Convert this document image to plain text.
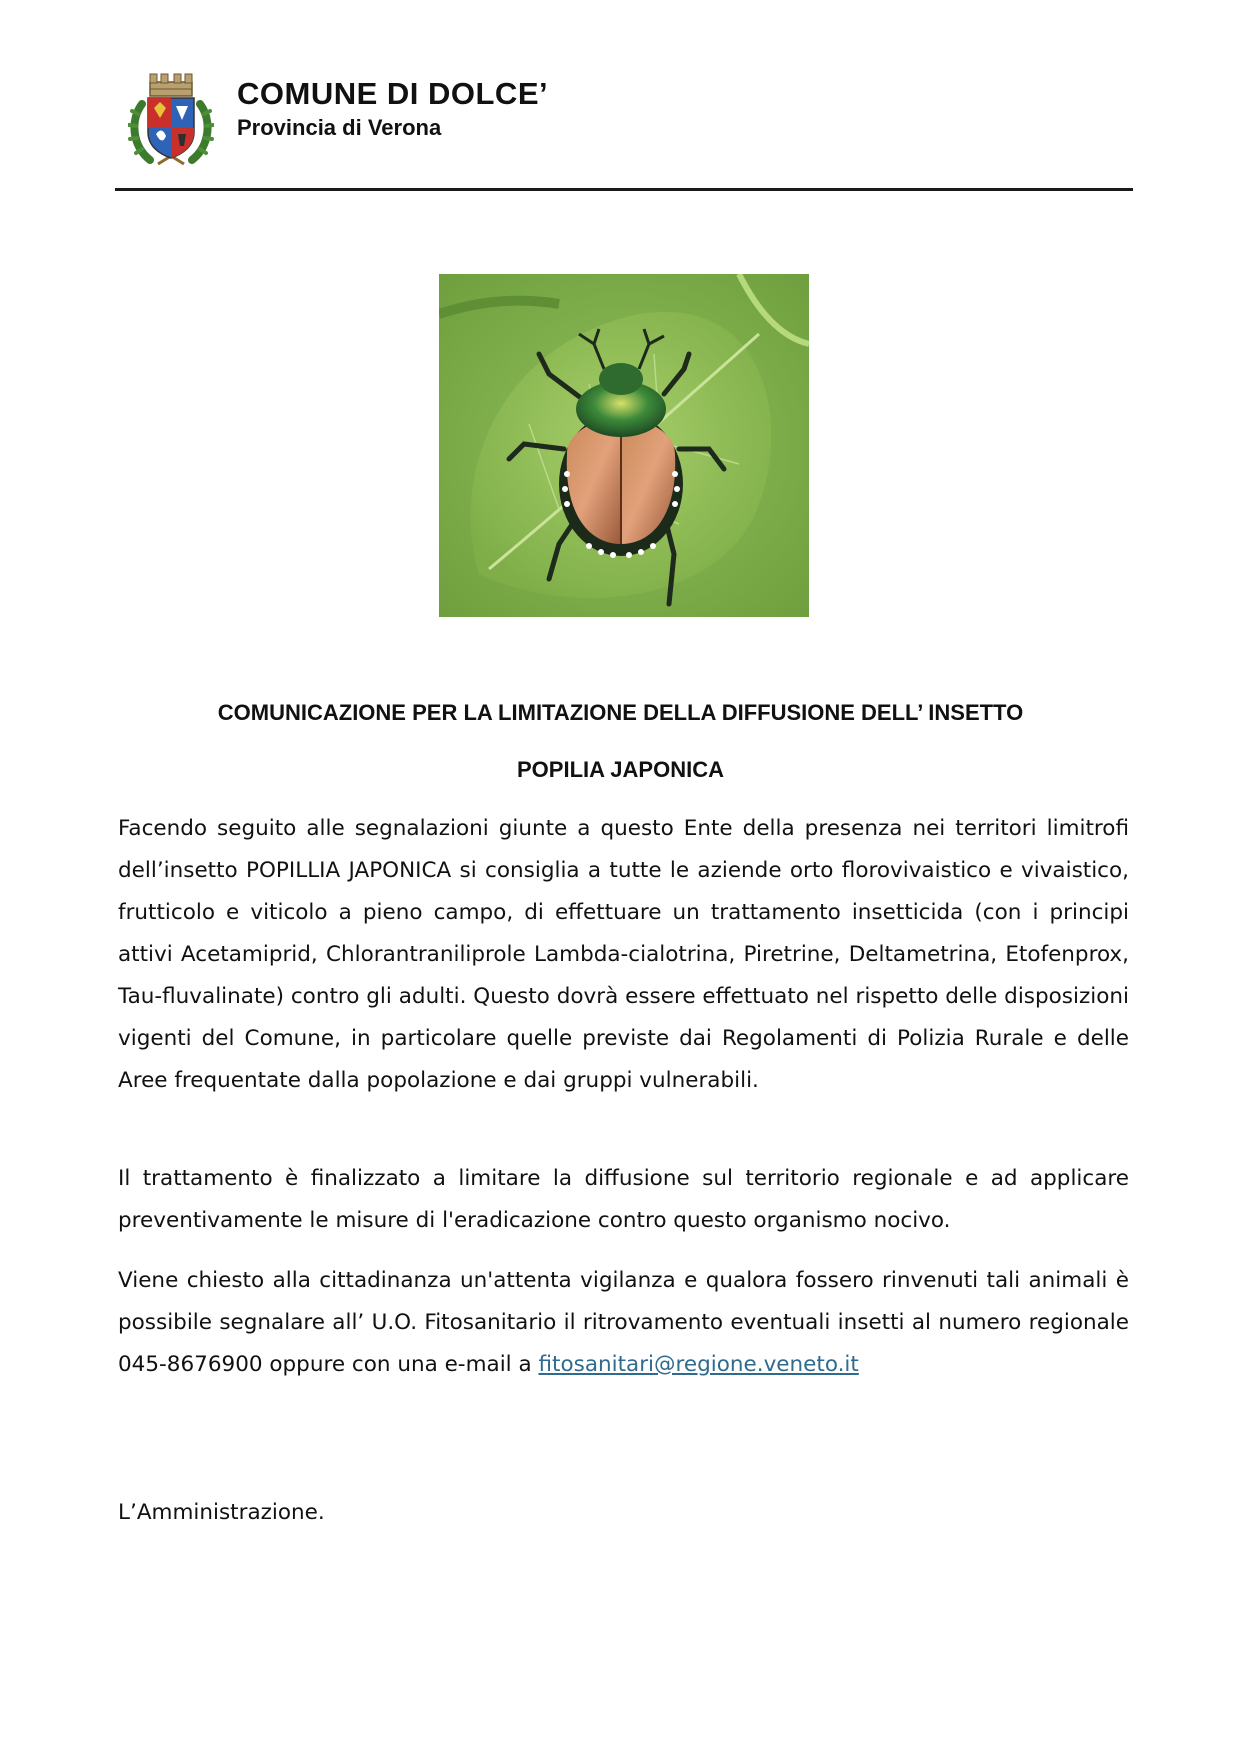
COMUNE DI DOLCE’
Provincia di Verona
COMUNICAZIONE PER LA LIMITAZIONE DELLA DIFFUSIONE DELL’ INSETTO
POPILIA JAPONICA
Facendo seguito alle segnalazioni giunte a questo Ente della presenza nei territori limitrofi dell’insetto POPILLIA JAPONICA si consiglia a tutte le aziende orto florovivaistico e vivaistico, frutticolo e viticolo a pieno campo, di effettuare un trattamento insetticida (con i principi attivi Acetamiprid, Chlorantraniliprole Lambda-cialotrina, Piretrine, Deltametrina, Etofenprox, Tau-fluvalinate) contro gli adulti. Questo dovrà essere effettuato nel rispetto delle disposizioni vigenti del Comune, in particolare quelle previste dai Regolamenti di Polizia Rurale e delle Aree frequentate dalla popolazione e dai gruppi vulnerabili.
Il trattamento è finalizzato a limitare la diffusione sul territorio regionale e ad applicare preventivamente le misure di l'eradicazione contro questo organismo nocivo.
Viene chiesto alla cittadinanza un'attenta vigilanza e qualora fossero rinvenuti tali animali è possibile segnalare all’ U.O. Fitosanitario il ritrovamento eventuali insetti al numero regionale 045-8676900 oppure con una e-mail a fitosanitari@regione.veneto.it
L’Amministrazione.
